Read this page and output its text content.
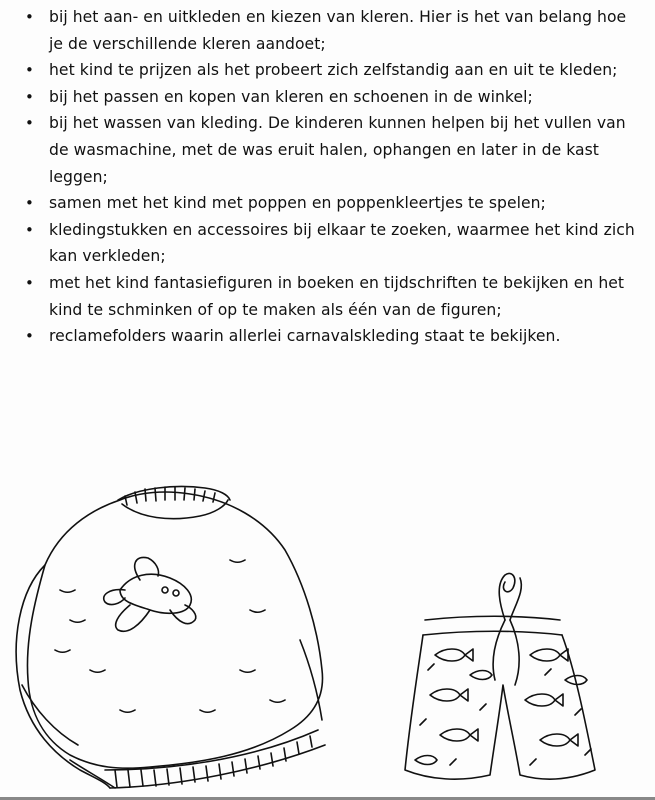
• bij het aan- en uitkleden en kiezen van kleren. Hier is het van belang hoe je de verschillende kleren aandoet;
• het kind te prijzen als het probeert zich zelfstandig aan en uit te kleden;
• bij het passen en kopen van kleren en schoenen in de winkel;
• bij het wassen van kleding. De kinderen kunnen helpen bij het vullen van de wasmachine, met de was eruit halen, ophangen en later in de kast leggen;
• samen met het kind met poppen en poppenkleertjes te spelen;
• kledingstukken en accessoires bij elkaar te zoeken, waarmee het kind zich kan verkleden;
• met het kind fantasiefiguren in boeken en tijdschriften te bekijken en het kind te schminken of op te maken als één van de figuren;
• reclamefolders waarin allerlei carnavalskleding staat te bekijken.
